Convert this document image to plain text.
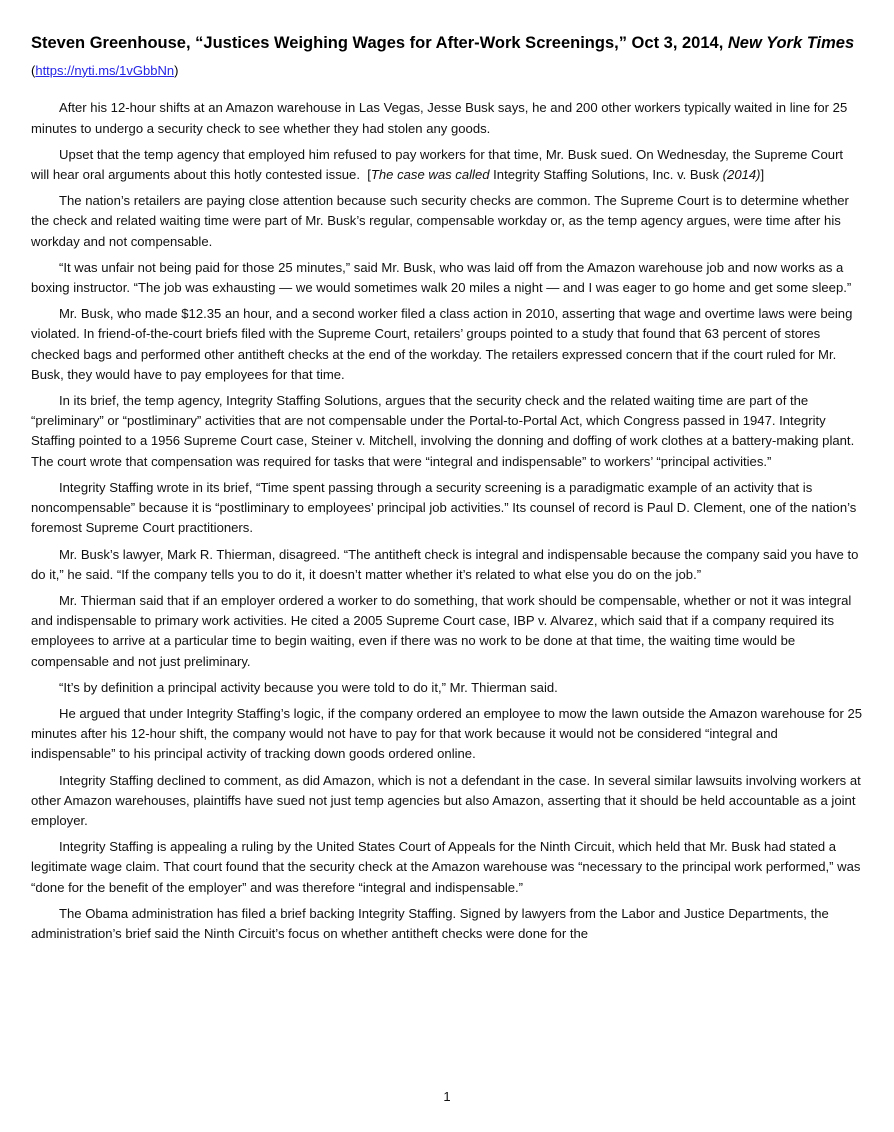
Steven Greenhouse, “Justices Weighing Wages for After-Work Screenings,” Oct 3, 2014, New York Times (https://nyti.ms/1vGbbNn)

After his 12-hour shifts at an Amazon warehouse in Las Vegas, Jesse Busk says, he and 200 other workers typically waited in line for 25 minutes to undergo a security check to see whether they had stolen any goods.

Upset that the temp agency that employed him refused to pay workers for that time, Mr. Busk sued. On Wednesday, the Supreme Court will hear oral arguments about this hotly contested issue.  [The case was called Integrity Staffing Solutions, Inc. v. Busk (2014)]

The nation’s retailers are paying close attention because such security checks are common. The Supreme Court is to determine whether the check and related waiting time were part of Mr. Busk’s regular, compensable workday or, as the temp agency argues, were time after his workday and not compensable.

“It was unfair not being paid for those 25 minutes,” said Mr. Busk, who was laid off from the Amazon warehouse job and now works as a boxing instructor. “The job was exhausting — we would sometimes walk 20 miles a night — and I was eager to go home and get some sleep.”

Mr. Busk, who made $12.35 an hour, and a second worker filed a class action in 2010, asserting that wage and overtime laws were being violated. In friend-of-the-court briefs filed with the Supreme Court, retailers’ groups pointed to a study that found that 63 percent of stores checked bags and performed other antitheft checks at the end of the workday. The retailers expressed concern that if the court ruled for Mr. Busk, they would have to pay employees for that time.

In its brief, the temp agency, Integrity Staffing Solutions, argues that the security check and the related waiting time are part of the “preliminary” or “postliminary” activities that are not compensable under the Portal-to-Portal Act, which Congress passed in 1947. Integrity Staffing pointed to a 1956 Supreme Court case, Steiner v. Mitchell, involving the donning and doffing of work clothes at a battery-making plant. The court wrote that compensation was required for tasks that were “integral and indispensable” to workers’ “principal activities.”

Integrity Staffing wrote in its brief, “Time spent passing through a security screening is a paradigmatic example of an activity that is noncompensable” because it is “postliminary to employees’ principal job activities.” Its counsel of record is Paul D. Clement, one of the nation’s foremost Supreme Court practitioners.

Mr. Busk’s lawyer, Mark R. Thierman, disagreed. “The antitheft check is integral and indispensable because the company said you have to do it,” he said. “If the company tells you to do it, it doesn’t matter whether it’s related to what else you do on the job.”

Mr. Thierman said that if an employer ordered a worker to do something, that work should be compensable, whether or not it was integral and indispensable to primary work activities. He cited a 2005 Supreme Court case, IBP v. Alvarez, which said that if a company required its employees to arrive at a particular time to begin waiting, even if there was no work to be done at that time, the waiting time would be compensable and not just preliminary.

“It’s by definition a principal activity because you were told to do it,” Mr. Thierman said.

He argued that under Integrity Staffing’s logic, if the company ordered an employee to mow the lawn outside the Amazon warehouse for 25 minutes after his 12-hour shift, the company would not have to pay for that work because it would not be considered “integral and indispensable” to his principal activity of tracking down goods ordered online.

Integrity Staffing declined to comment, as did Amazon, which is not a defendant in the case. In several similar lawsuits involving workers at other Amazon warehouses, plaintiffs have sued not just temp agencies but also Amazon, asserting that it should be held accountable as a joint employer.

Integrity Staffing is appealing a ruling by the United States Court of Appeals for the Ninth Circuit, which held that Mr. Busk had stated a legitimate wage claim. That court found that the security check at the Amazon warehouse was “necessary to the principal work performed,” was “done for the benefit of the employer” and was therefore “integral and indispensable.”

The Obama administration has filed a brief backing Integrity Staffing. Signed by lawyers from the Labor and Justice Departments, the administration’s brief said the Ninth Circuit’s focus on whether antitheft checks were done for the

1
